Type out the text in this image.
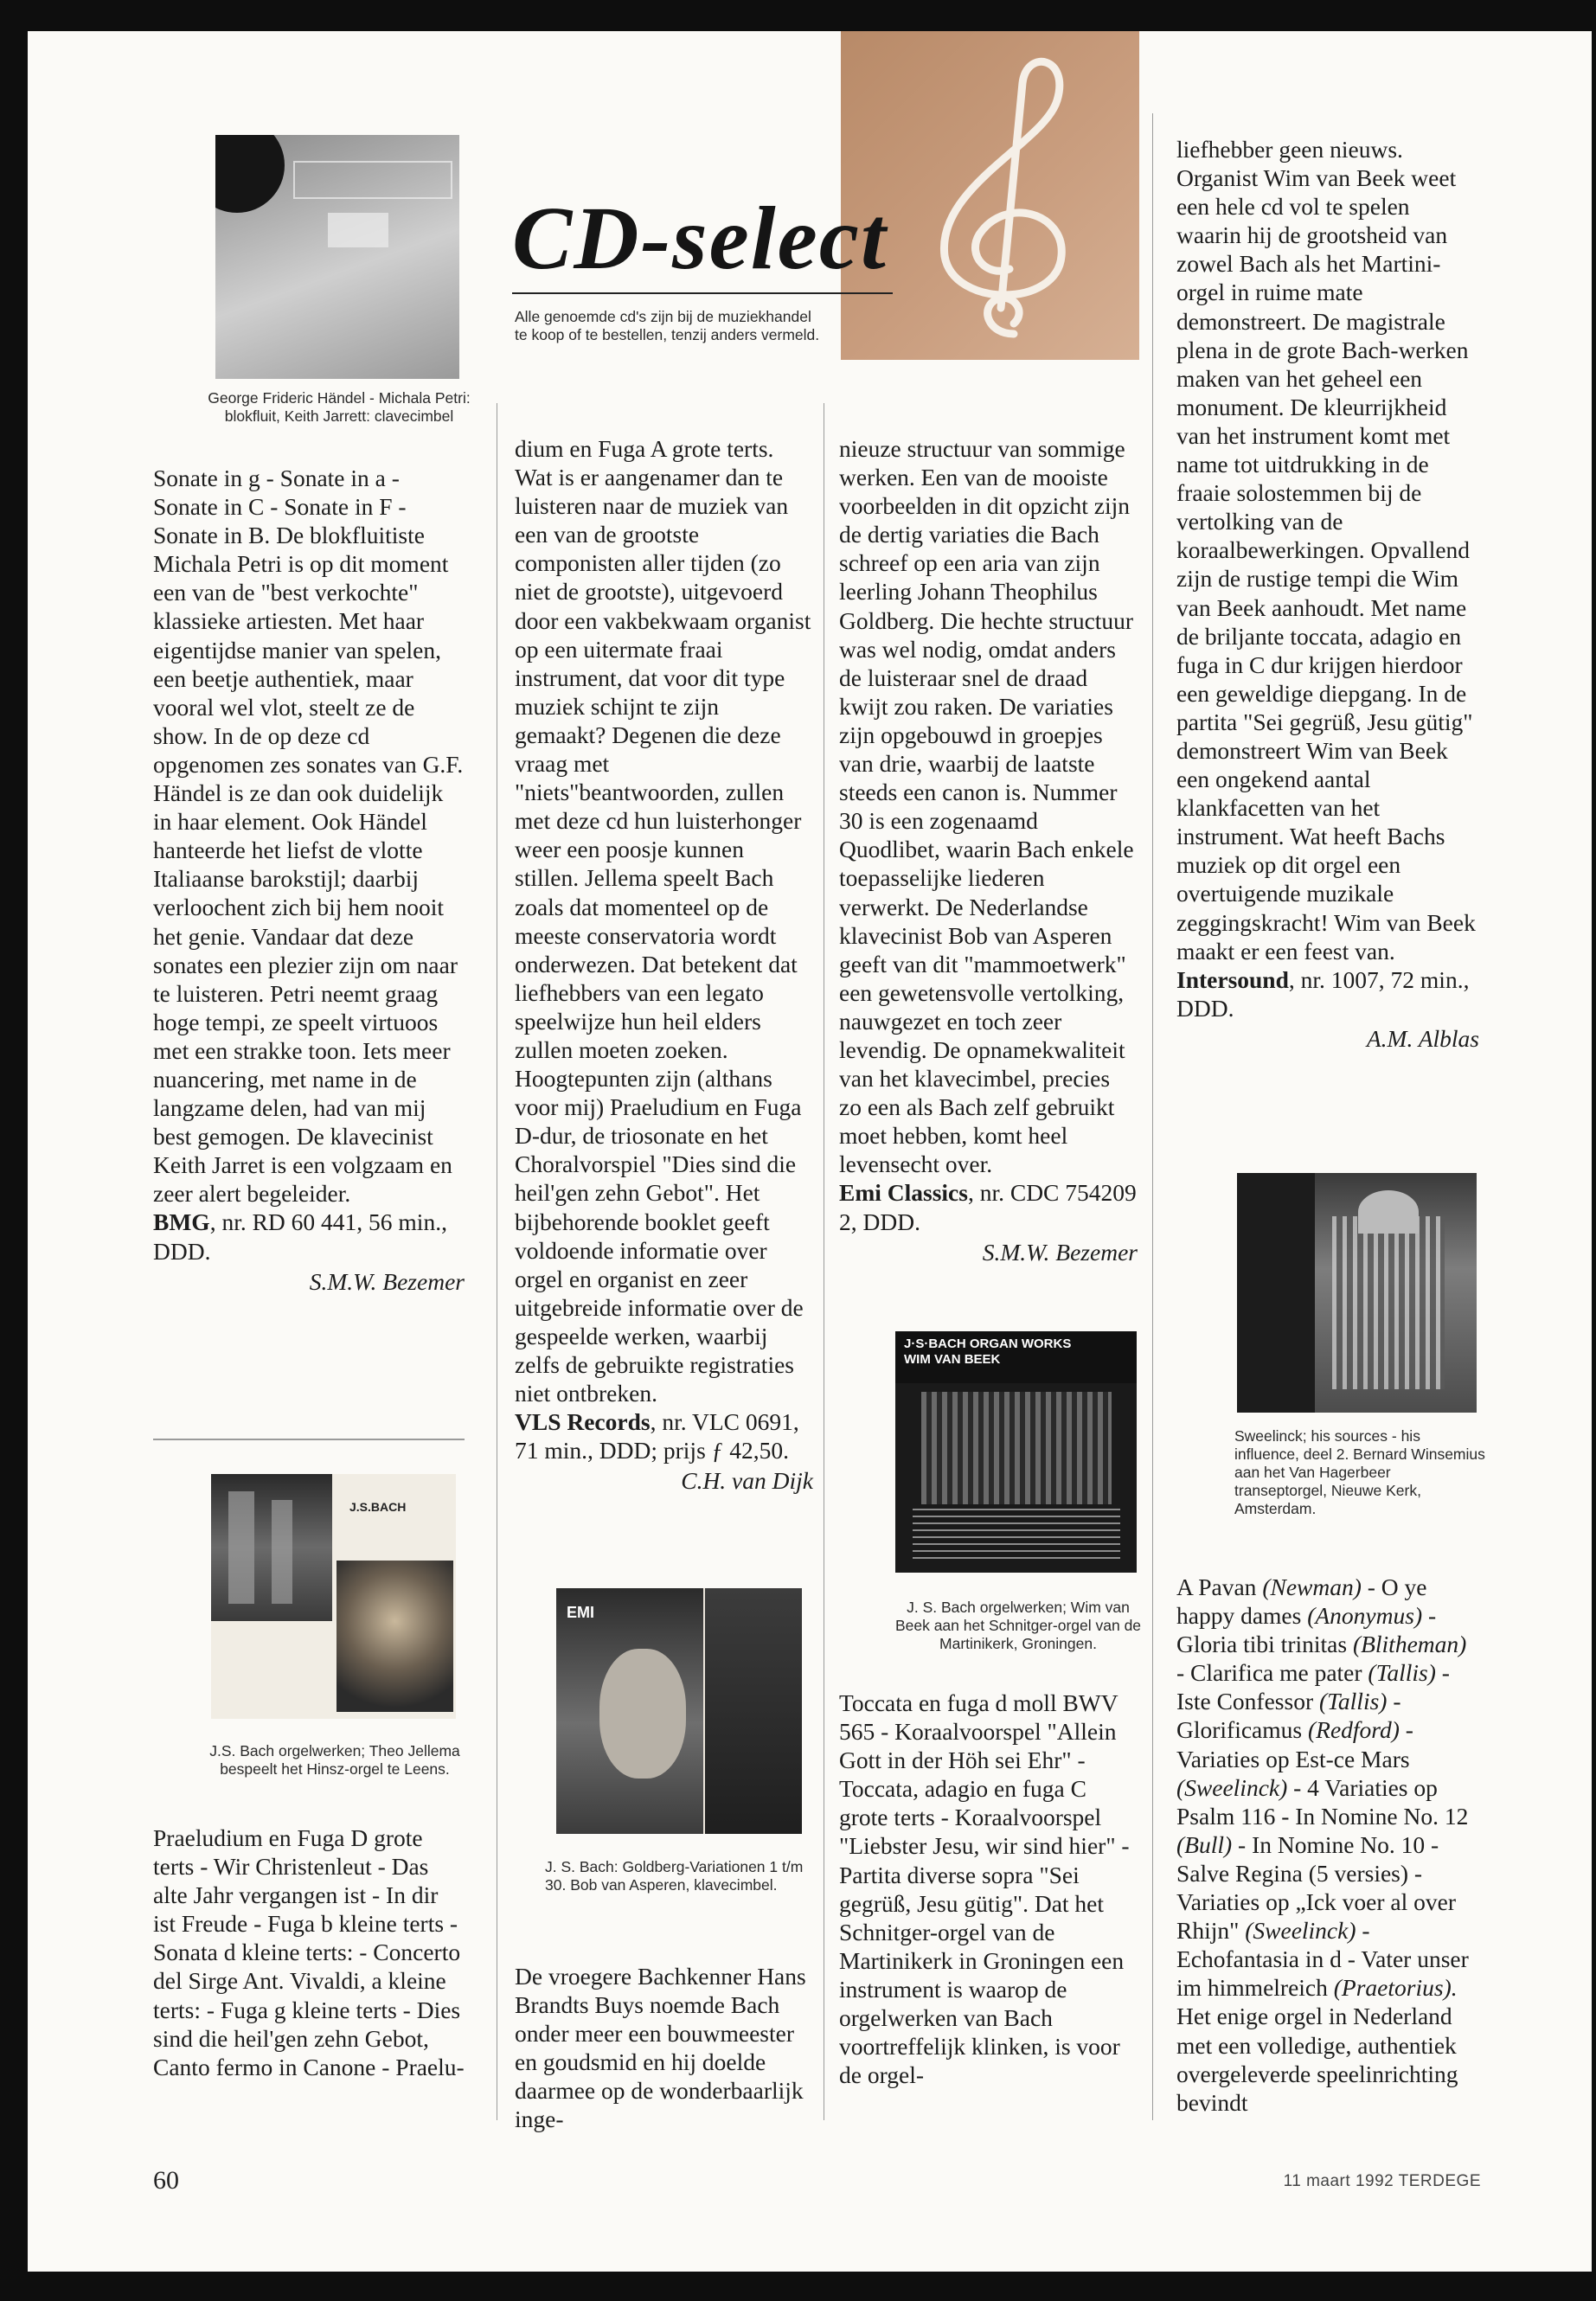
CD-select
Alle genoemde cd's zijn bij de muziekhandel te koop of te bestellen, tenzij anders vermeld.
George Frideric Händel - Michala Petri: blokfluit, Keith Jarrett: clavecimbel

Sonate in g - Sonate in a - Sonate in C - Sonate in F - Sonate in B. De blokfluitiste Michala Petri is op dit moment een van de "best verkochte" klassieke artiesten. Met haar eigentijdse manier van spelen, een beetje authentiek, maar vooral wel vlot, steelt ze de show. In de op deze cd opgenomen zes sonates van G.F. Händel is ze dan ook duidelijk in haar element. Ook Händel hanteerde het liefst de vlotte Italiaanse barokstijl; daarbij verloochent zich bij hem nooit het genie. Vandaar dat deze sonates een plezier zijn om naar te luisteren. Petri neemt graag hoge tempi, ze speelt virtuoos met een strakke toon. Iets meer nuancering, met name in de langzame delen, had van mij best gemogen. De klavecinist Keith Jarret is een volgzaam en zeer alert begeleider.

BMG, nr. RD 60 441, 56 min., DDD.

S.M.W. Bezemer

J.S.BACH
J.S. Bach orgelwerken; Theo Jellema bespeelt het Hinsz-orgel te Leens.

Praeludium en Fuga D grote terts - Wir Christenleut - Das alte Jahr vergangen ist - In dir ist Freude - Fuga b kleine terts - Sonata d kleine terts: - Concerto del Sirge Ant. Vivaldi, a kleine terts: - Fuga g kleine terts - Dies sind die heil'gen zehn Gebot, Canto fermo in Canone - Praelu-

dium en Fuga A grote terts. Wat is er aangenamer dan te luisteren naar de muziek van een van de grootste componisten aller tijden (zo niet de grootste), uitgevoerd door een vakbekwaam organist op een uitermate fraai instrument, dat voor dit type muziek schijnt te zijn gemaakt? Degenen die deze vraag met "niets"beantwoorden, zullen met deze cd hun luisterhonger weer een poosje kunnen stillen. Jellema speelt Bach zoals dat momenteel op de meeste conservatoria wordt onderwezen. Dat betekent dat liefhebbers van een legato speelwijze hun heil elders zullen moeten zoeken. Hoogtepunten zijn (althans voor mij) Praeludium en Fuga D-dur, de triosonate en het Choralvorspiel "Dies sind die heil'gen zehn Gebot". Het bijbehorende booklet geeft voldoende informatie over orgel en organist en zeer uitgebreide informatie over de gespeelde werken, waarbij zelfs de gebruikte registraties niet ontbreken.

VLS Records, nr. VLC 0691, 71 min., DDD; prijs ƒ 42,50.

C.H. van Dijk

EMI
J. S. Bach: Goldberg-Variationen 1 t/m 30. Bob van Asperen, klavecimbel.

De vroegere Bachkenner Hans Brandts Buys noemde Bach onder meer een bouwmeester en goudsmid en hij doelde daarmee op de wonderbaarlijk inge-

nieuze structuur van sommige werken. Een van de mooiste voorbeelden in dit opzicht zijn de dertig variaties die Bach schreef op een aria van zijn leerling Johann Theophilus Goldberg. Die hechte structuur was wel nodig, omdat anders de luisteraar snel de draad kwijt zou raken. De variaties zijn opgebouwd in groepjes van drie, waarbij de laatste steeds een canon is. Nummer 30 is een zogenaamd Quodlibet, waarin Bach enkele toepasselijke liederen verwerkt. De Nederlandse klavecinist Bob van Asperen geeft van dit "mammoetwerk" een gewetensvolle vertolking, nauwgezet en toch zeer levendig. De opnamekwaliteit van het klavecimbel, precies zo een als Bach zelf gebruikt moet hebben, komt heel levensecht over.

Emi Classics, nr. CDC 754209 2, DDD.

S.M.W. Bezemer

J·S·BACH ORGAN WORKS WIM VAN BEEK
J. S. Bach orgelwerken; Wim van Beek aan het Schnitger-orgel van de Martinikerk, Groningen.

Toccata en fuga d moll BWV 565 - Koraalvoorspel "Allein Gott in der Höh sei Ehr" - Toccata, adagio en fuga C grote terts - Koraalvoorspel "Liebster Jesu, wir sind hier" - Partita diverse sopra "Sei gegrüß, Jesu gütig". Dat het Schnitger-orgel van de Martinikerk in Groningen een instrument is waarop de orgelwerken van Bach voortreffelijk klinken, is voor de orgel-

liefhebber geen nieuws. Organist Wim van Beek weet een hele cd vol te spelen waarin hij de grootsheid van zowel Bach als het Martini-orgel in ruime mate demonstreert. De magistrale plena in de grote Bach-werken maken van het geheel een monument. De kleurrijkheid van het instrument komt met name tot uitdrukking in de fraaie solostemmen bij de vertolking van de koraalbewerkingen. Opvallend zijn de rustige tempi die Wim van Beek aanhoudt. Met name de briljante toccata, adagio en fuga in C dur krijgen hierdoor een geweldige diepgang. In de partita "Sei gegrüß, Jesu gütig" demonstreert Wim van Beek een ongekend aantal klankfacetten van het instrument. Wat heeft Bachs muziek op dit orgel een overtuigende muzikale zeggingskracht! Wim van Beek maakt er een feest van.

Intersound, nr. 1007, 72 min., DDD.

A.M. Alblas

Sweelinck; his sources - his influence, deel 2. Bernard Winsemius aan het Van Hagerbeer transeptorgel, Nieuwe Kerk, Amsterdam.

A Pavan (Newman) - O ye happy dames (Anonymus) - Gloria tibi trinitas (Blitheman) - Clarifica me pater (Tallis) - Iste Confessor (Tallis) - Glorificamus (Redford) - Variaties op Est-ce Mars (Sweelinck) - 4 Variaties op Psalm 116 - In Nomine No. 12 (Bull) - In Nomine No. 10 - Salve Regina (5 versies) - Variaties op „Ick voer al over Rhijn" (Sweelinck) - Echofantasia in d - Vater unser im himmelreich (Praetorius). Het enige orgel in Nederland met een volledige, authentiek overgeleverde speelinrichting bevindt

60	11 maart 1992 TERDEGE
